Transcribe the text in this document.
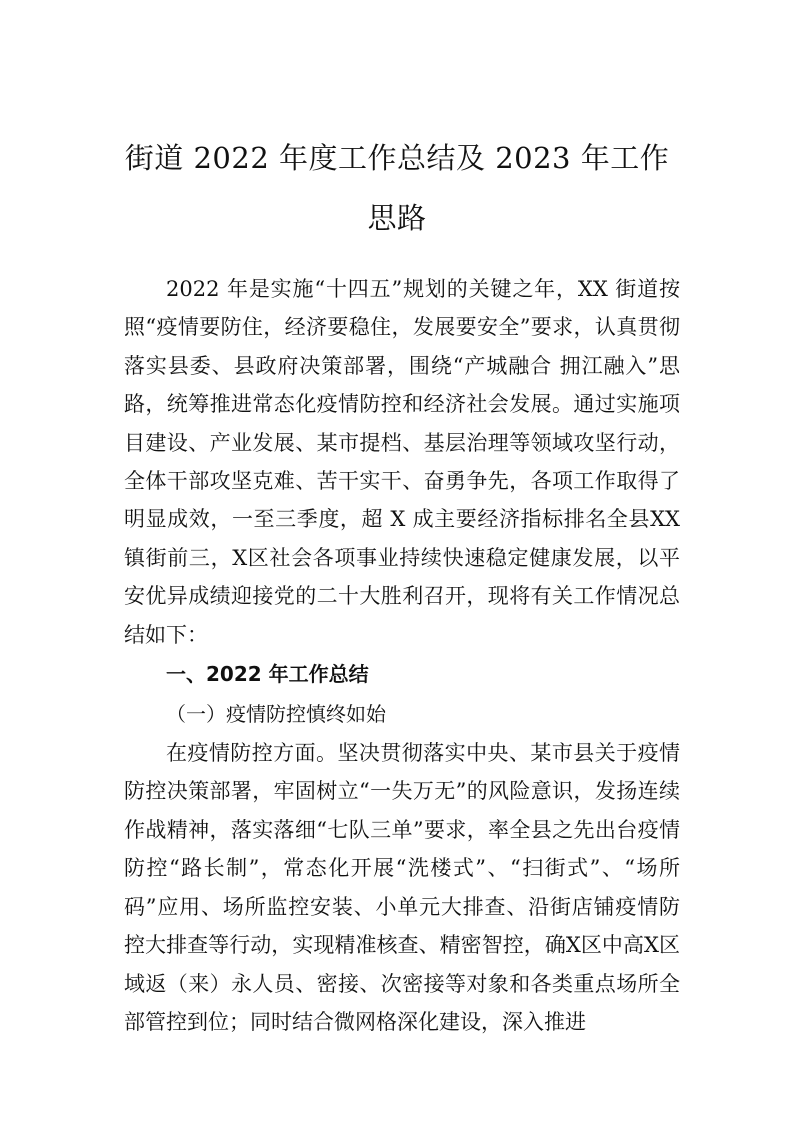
街道 2022 年度工作总结及 2023 年工作思路

2022 年是实施“十四五”规划的关键之年，XX 街道按照“疫情要防住，经济要稳住，发展要安全”要求，认真贯彻落实县委、县政府决策部署，围绕“产城融合 拥江融入”思路，统筹推进常态化疫情防控和经济社会发展。通过实施项目建设、产业发展、某市提档、基层治理等领域攻坚行动，全体干部攻坚克难、苦干实干、奋勇争先，各项工作取得了明显成效，一至三季度，超 X 成主要经济指标排名全县XX镇街前三，X区社会各项事业持续快速稳定健康发展，以平安优异成绩迎接党的二十大胜利召开，现将有关工作情况总结如下：

一、2022 年工作总结

（一）疫情防控慎终如始

在疫情防控方面。坚决贯彻落实中央、某市县关于疫情防控决策部署，牢固树立“一失万无”的风险意识，发扬连续作战精神，落实落细“七队三单”要求，率全县之先出台疫情防控“路长制”，常态化开展“洗楼式”、“扫街式”、“场所码”应用、场所监控安装、小单元大排查、沿街店铺疫情防控大排查等行动，实现精准核查、精密智控，确X区中高X区域返（来）永人员、密接、次密接等对象和各类重点场所全部管控到位；同时结合微网格深化建设，深入推进
